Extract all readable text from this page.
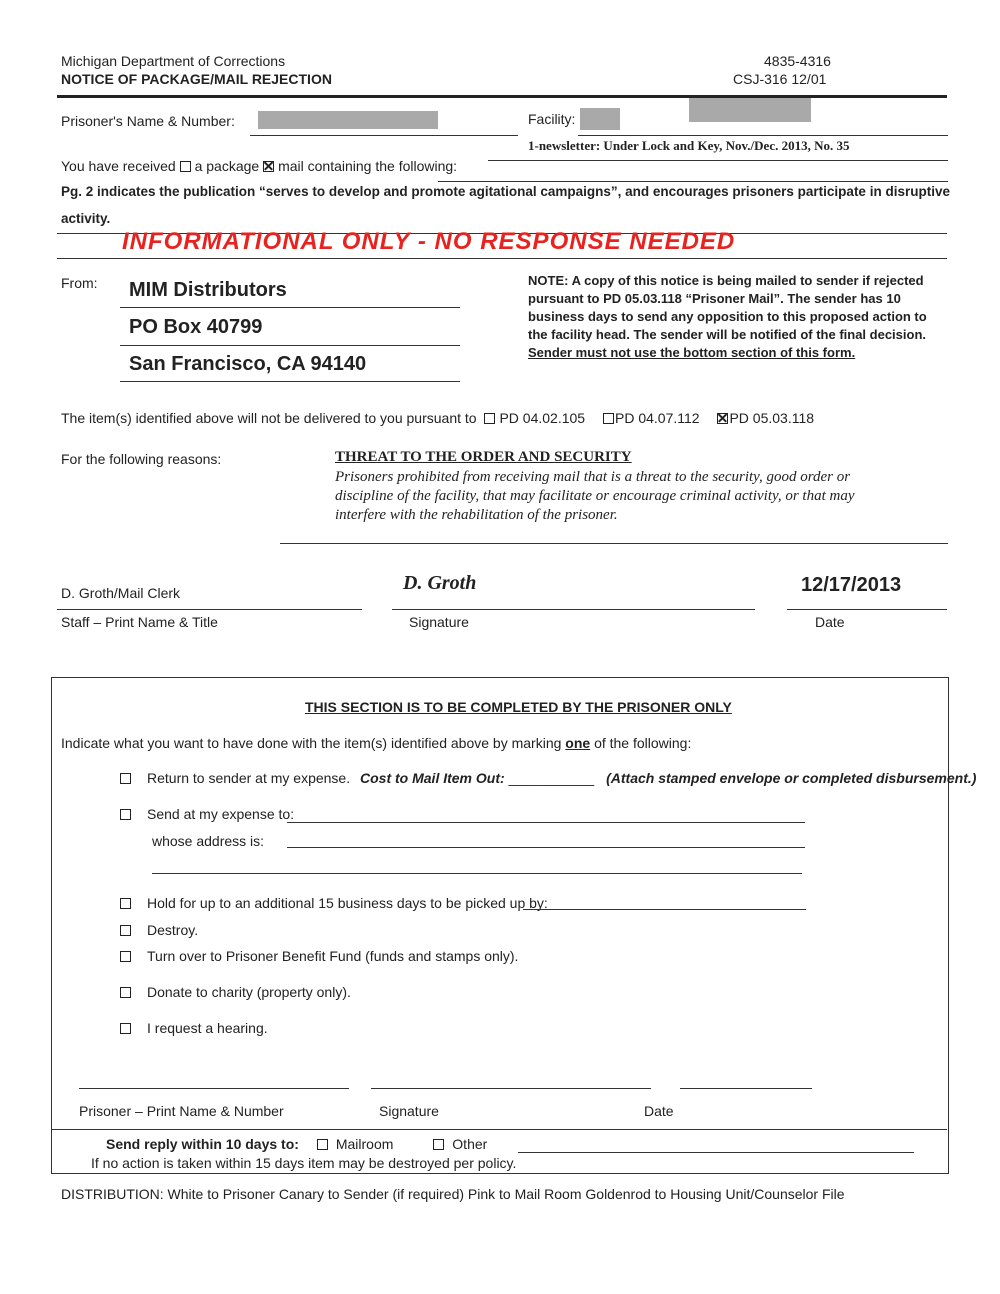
Michigan Department of Corrections
NOTICE OF PACKAGE/MAIL REJECTION
4835-4316
CSJ-316 12/01
Prisoner's Name & Number:	Facility:
1-newsletter: Under Lock and Key, Nov./Dec. 2013, No. 35
You have received a package mail containing the following:
Pg. 2 indicates the publication “serves to develop and promote agitational campaigns”, and encourages prisoners participate in disruptive
activity.
INFORMATIONAL ONLY - NO RESPONSE NEEDED
From: MIM Distributors
PO Box 40799
San Francisco, CA 94140
NOTE: A copy of this notice is being mailed to sender if rejected
pursuant to PD 05.03.118 “Prisoner Mail”. The sender has 10
business days to send any opposition to this proposed action to
the facility head. The sender will be notified of the final decision.
Sender must not use the bottom section of this form.
The item(s) identified above will not be delivered to you pursuant to PD 04.02.105 PD 04.07.112 PD 05.03.118
For the following reasons:	THREAT TO THE ORDER AND SECURITY
Prisoners prohibited from receiving mail that is a threat to the security, good order or
discipline of the facility, that may facilitate or encourage criminal activity, or that may
interfere with the rehabilitation of the prisoner.
D. Groth/Mail Clerk
Staff – Print Name & Title
D. Groth
Signature
12/17/2013
Date
THIS SECTION IS TO BE COMPLETED BY THE PRISONER ONLY
Indicate what you want to have done with the item(s) identified above by marking one of the following:
Return to sender at my expense. Cost to Mail Item Out: ___________ (Attach stamped envelope or completed disbursement.)
Send at my expense to:
whose address is:
Hold for up to an additional 15 business days to be picked up by:
Destroy.
Turn over to Prisoner Benefit Fund (funds and stamps only).
Donate to charity (property only).
I request a hearing.
Prisoner – Print Name & Number	Signature	Date
Send reply within 10 days to:	Mailroom	Other
If no action is taken within 15 days item may be destroyed per policy.
DISTRIBUTION: White to Prisoner Canary to Sender (if required) Pink to Mail Room Goldenrod to Housing Unit/Counselor File
